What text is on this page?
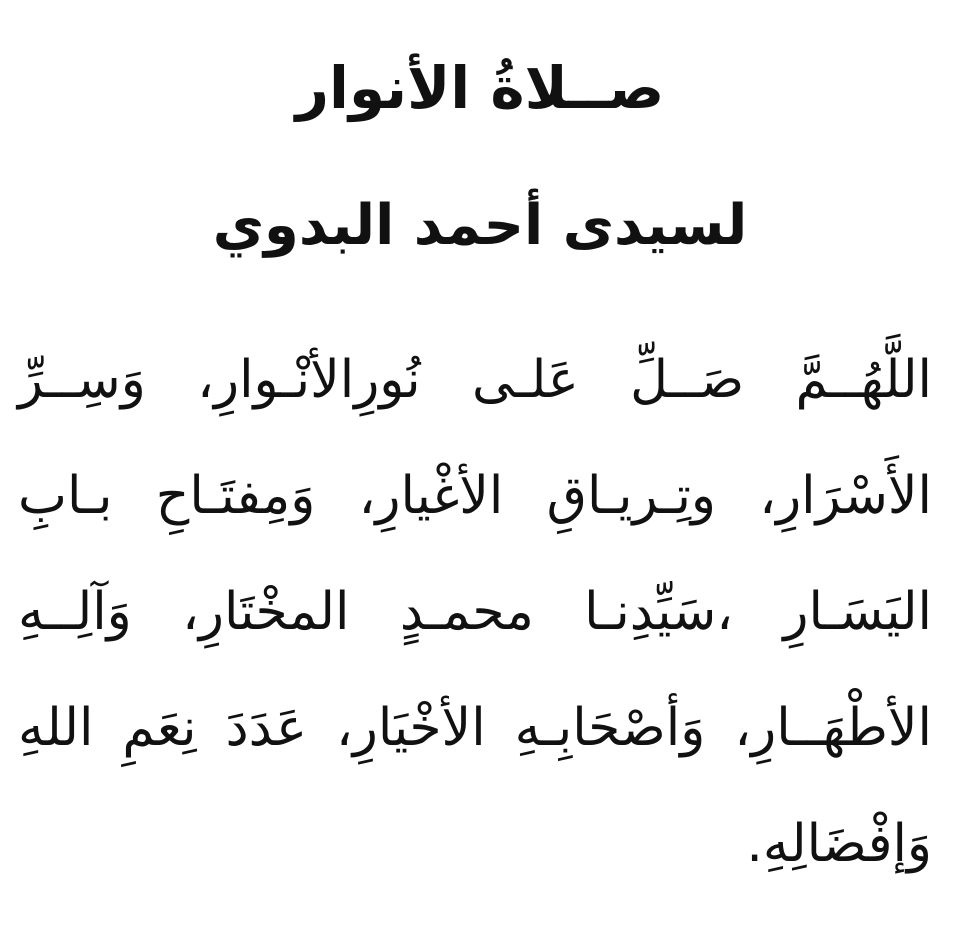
صــلاةُ الأنوار
لسيدى أحمد البدوي
اللَّهُــمَّ صَــلِّ عَلـى نُورِالأنْـوارِ، وَسِــرِّ
الأَسْرَارِ، وتِـريـاقِ الأغْيارِ، وَمِفتَـاحِ بـابِ
اليَسَـارِ ،سَيِّدِنـا محمـدٍ المخْتَارِ، وَآلِــهِ
الأطْهَــارِ، وَأصْحَابِـهِ الأخْيَارِ، عَدَدَ نِعَمِ اللهِ
وَإفْضَالِهِ.
